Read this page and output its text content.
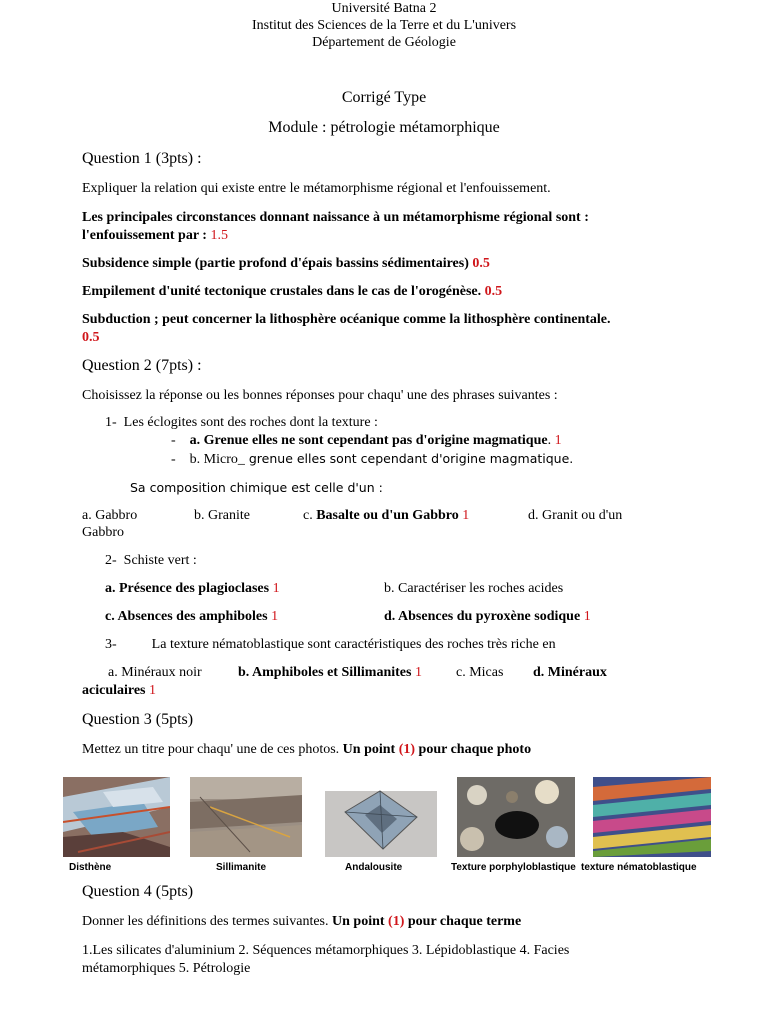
Université Batna 2
Institut des Sciences de la Terre et du L'univers
Département de Géologie
Corrigé Type
Module : pétrologie métamorphique
Question 1 (3pts) :
Expliquer la relation qui existe entre le métamorphisme régional et l'enfouissement.
Les principales circonstances donnant naissance à un métamorphisme régional sont : l'enfouissement par : 1.5
Subsidence simple (partie profond d'épais bassins sédimentaires) 0.5
Empilement d'unité tectonique crustales dans le cas de l'orogénèse. 0.5
Subduction ; peut concerner la lithosphère océanique comme la lithosphère continentale.
0.5
Question 2 (7pts) :
Choisissez la réponse ou les bonnes réponses pour chaqu' une des phrases suivantes :
1- Les éclogites sont des roches dont la texture :
- a. Grenue elles ne sont cependant pas d'origine magmatique. 1
- b. Micro_ grenue elles sont cependant d'origine magmatique.
Sa composition chimique est celle d'un :
a. Gabbro	b. Granite	c. Basalte ou d'un Gabbro 1	d. Granit ou d'un
Gabbro
2- Schiste vert :
a. Présence des plagioclases 1	b. Caractériser les roches acides
c. Absences des amphiboles 1	d. Absences du pyroxène sodique 1
3-	La texture nématoblastique sont caractéristiques des roches très riche en
a. Minéraux noir	b. Amphiboles et Sillimanites 1	c. Micas	d. Minéraux
aciculaires 1
Question 3 (5pts)
Mettez un titre pour chaqu' une de ces photos. Un point (1) pour chaque photo
Disthène	Sillimanite	Andalousite	Texture porphyloblastique texture nématoblastique
Question 4 (5pts)
Donner les définitions des termes suivantes. Un point (1) pour chaque terme
1.Les silicates d'aluminium 2. Séquences métamorphiques 3. Lépidoblastique 4. Facies
métamorphiques 5. Pétrologie
